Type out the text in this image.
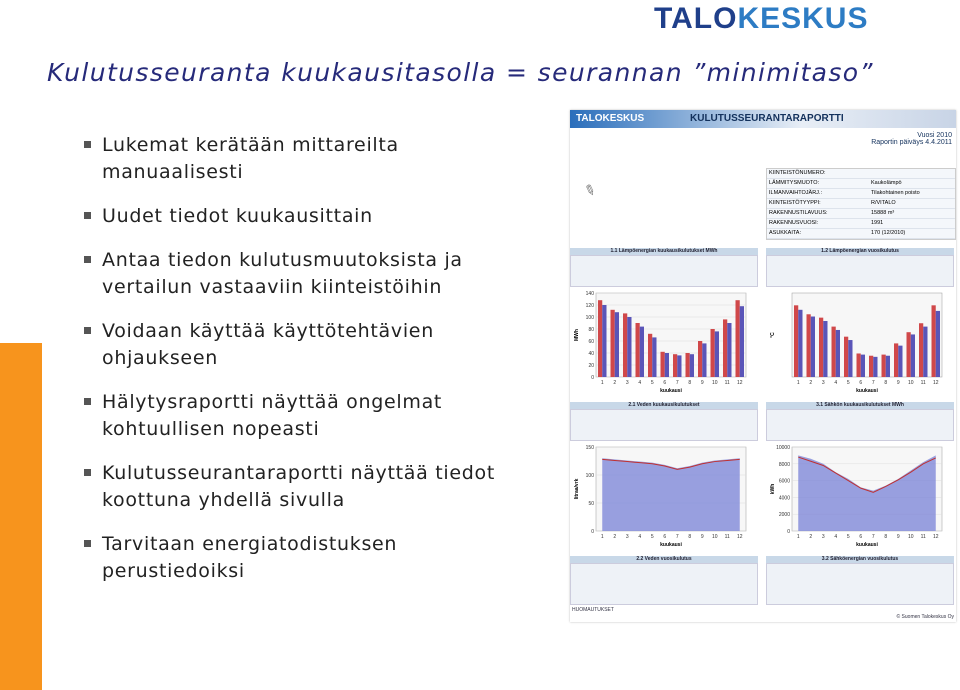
TALOKESKUS
Kulutusseuranta kuukausitasolla = seurannan ”minimitaso”
Lukemat kerätään mittareilta manuaalisesti
Uudet tiedot kuukausittain
Antaa tiedon kulutusmuutoksista ja vertailun vastaaviin kiinteistöihin
Voidaan käyttää käyttötehtävien ohjaukseen
Hälytysraportti näyttää ongelmat kohtuullisen nopeasti
Kulutusseurantaraportti näyttää tiedot koottuna yhdellä sivulla
Tarvitaan energiatodistuksen perustiedoiksi
TALOKESKUS	KULUTUSSEURANTARAPORTTI
Vuosi 2010
Raportin päiväys 4.4.2011
✎
KIINTEISTÖNUMERO:
LÄMMITYSMUOTO:	Kaukolämpö
ILMANVAIHTOJÄRJ.:	Tilakohtainen poisto
KIINTEISTÖTYYPPI:	R/VITALO
RAKENNUSTILAVUUS:	15888 m³
RAKENNUSVUOSI:	1991
ASUKKAITA:	170 (12/2010)
1.1 Lämpöenergian kuukausikulutukset MWh
140
120
100
80
60
40
20
0
1 2 3 4 5 6 7 8 9 10 11 12
MWh
kuukausi
1.2 Lämpöenergian vuosikulutus
1 2 3 4 5 6 7 8 9 10 11 12
°C
kuukausi
2.1 Veden kuukausikulutukset
150
100
50
0
1 2 3 4 5 6 7 8 9 10 11 12
litraa/vrk
kuukausi
3.1 Sähkön kuukausikulutukset MWh
10000
8000
6000
4000
2000
0
1 2 3 4 5 6 7 8 9 10 11 12
kWh
kuukausi
2.2 Veden vuosikulutus	3.2 Sähköenergian vuosikulutus
HUOMAUTUKSET
© Suomen Talokeskus Oy
